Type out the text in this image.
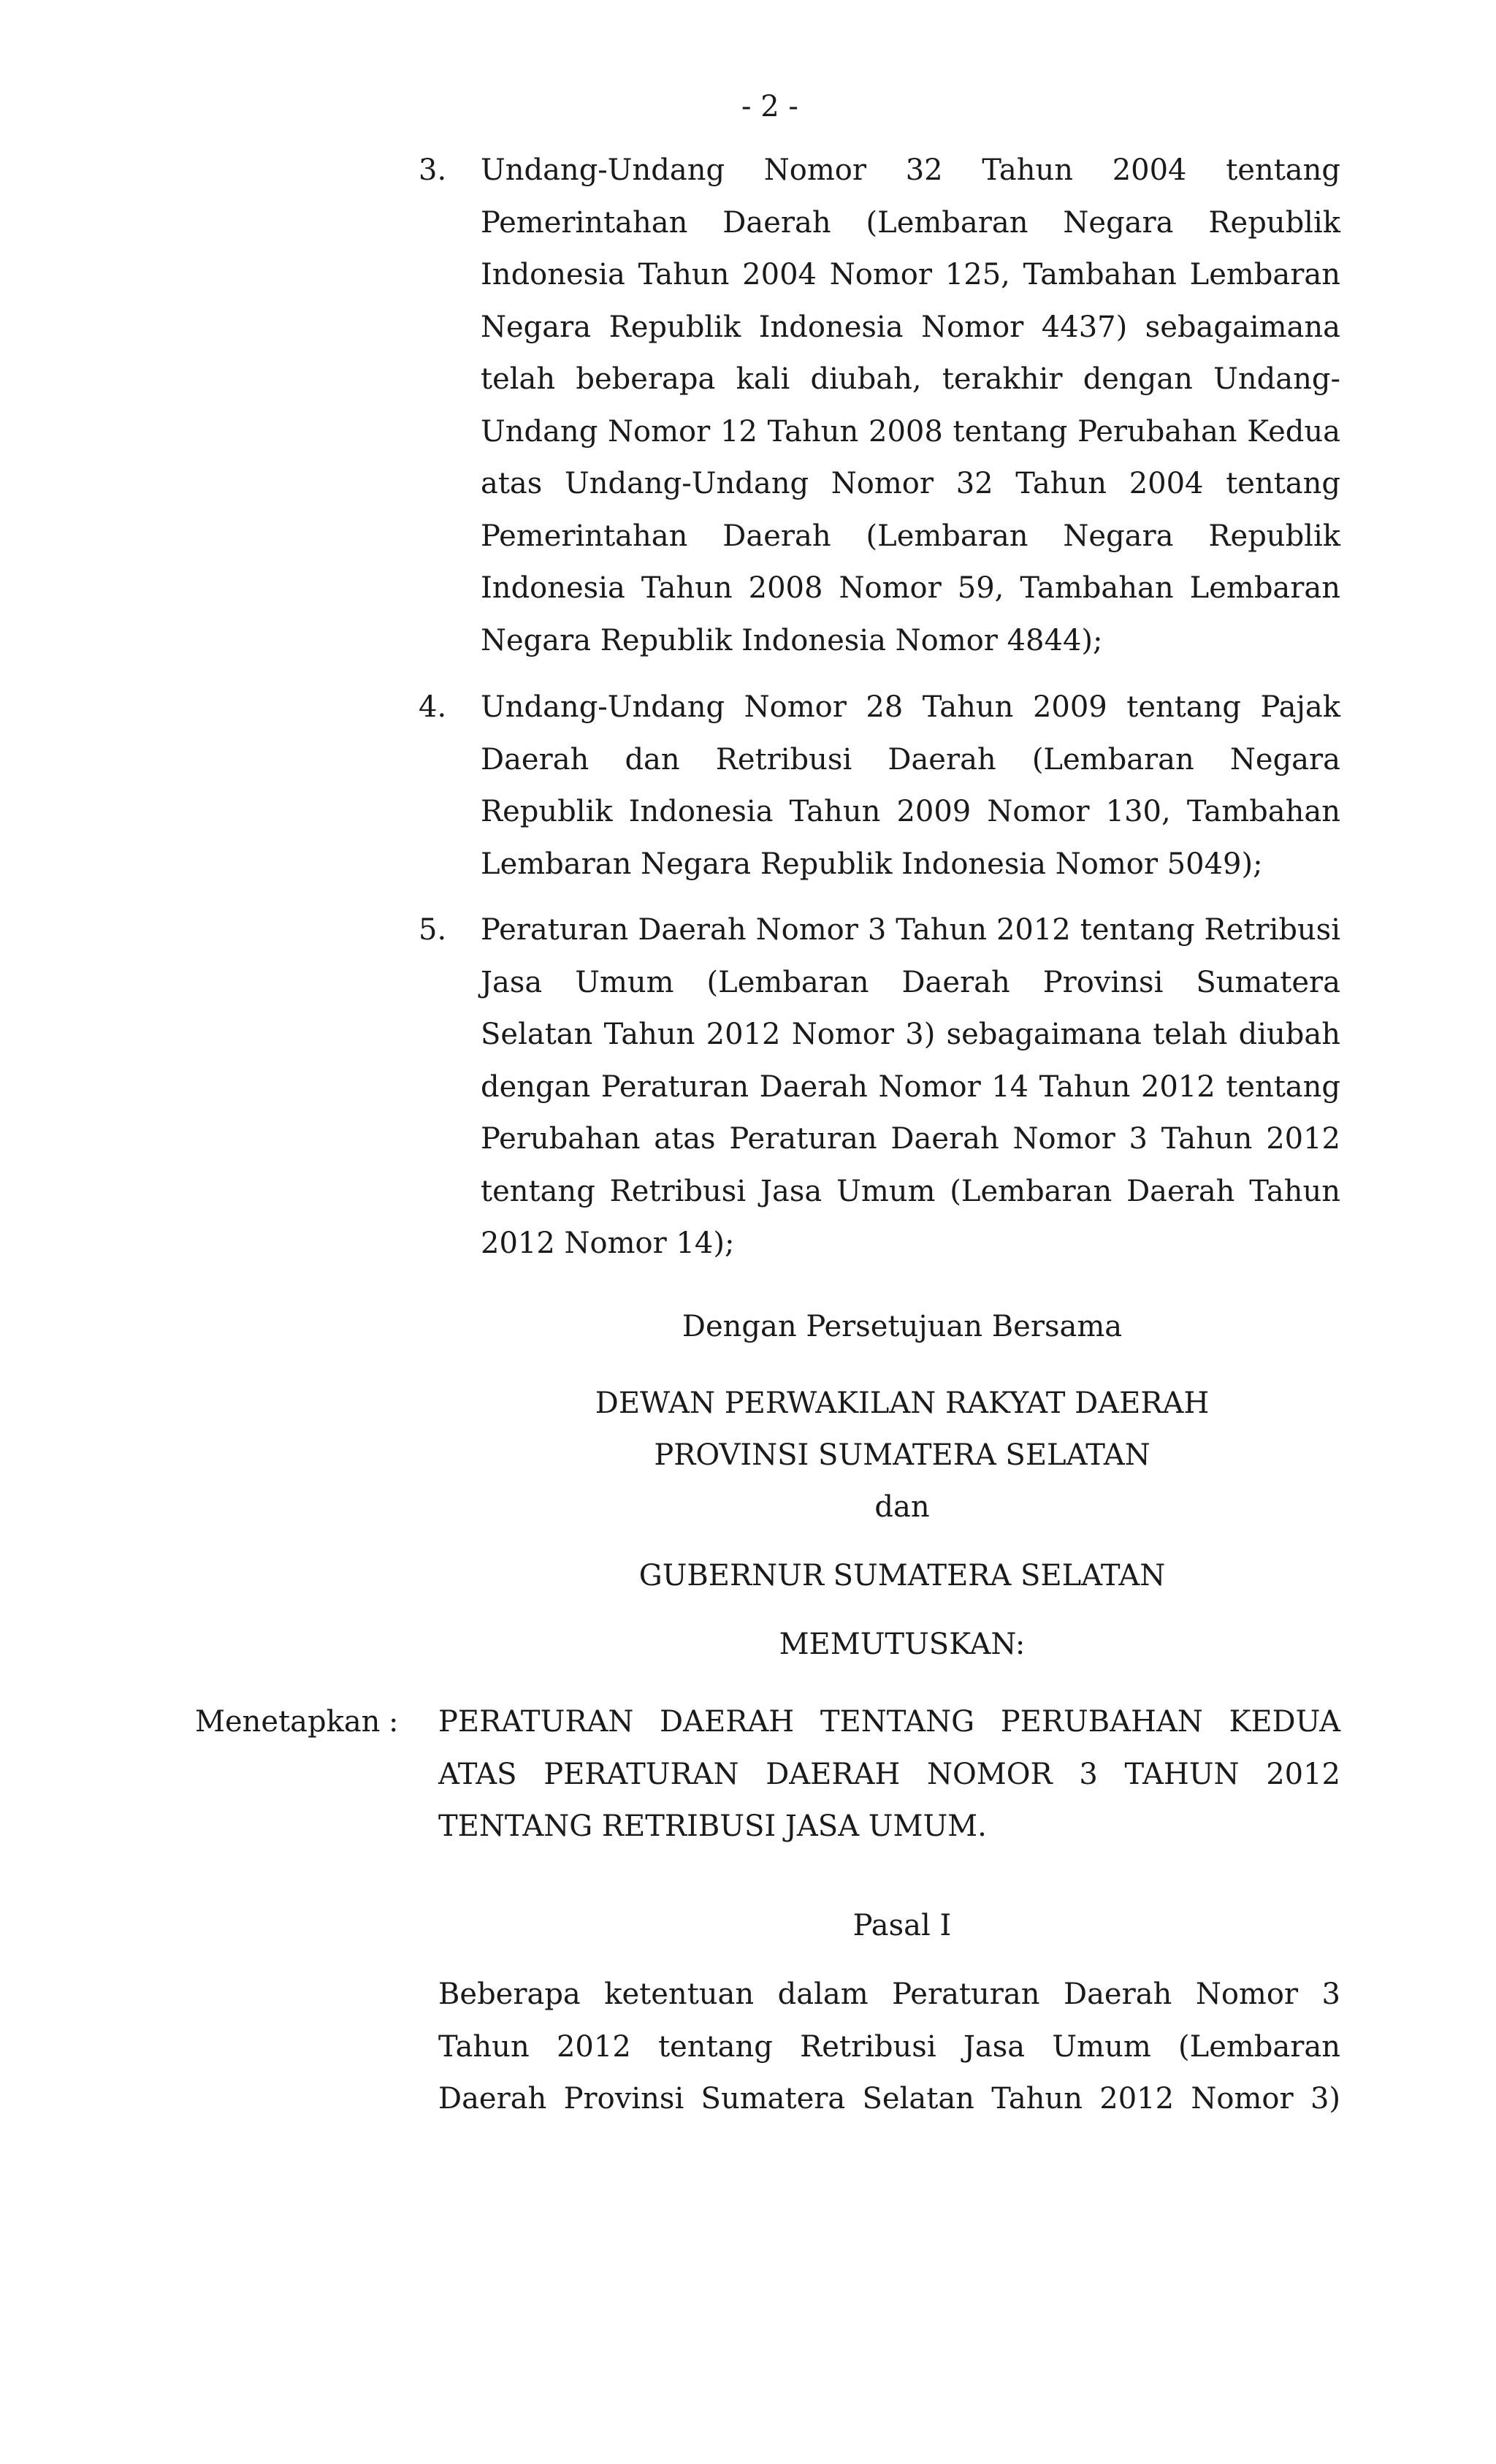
- 2 -
3.	Undang-Undang Nomor 32 Tahun 2004 tentang Pemerintahan Daerah (Lembaran Negara Republik Indonesia Tahun 2004 Nomor 125, Tambahan Lembaran Negara Republik Indonesia Nomor 4437) sebagaimana telah beberapa kali diubah, terakhir dengan Undang-Undang Nomor 12 Tahun 2008 tentang Perubahan Kedua atas Undang-Undang Nomor 32 Tahun 2004 tentang Pemerintahan Daerah (Lembaran Negara Republik Indonesia Tahun 2008 Nomor 59, Tambahan Lembaran Negara Republik Indonesia Nomor 4844);
4.	Undang-Undang Nomor 28 Tahun 2009 tentang Pajak Daerah dan Retribusi Daerah (Lembaran Negara Republik Indonesia Tahun 2009 Nomor 130, Tambahan Lembaran Negara Republik Indonesia Nomor 5049);
5.	Peraturan Daerah Nomor 3 Tahun 2012 tentang Retribusi Jasa Umum (Lembaran Daerah Provinsi Sumatera Selatan Tahun 2012 Nomor 3) sebagaimana telah diubah dengan Peraturan Daerah Nomor 14 Tahun 2012 tentang Perubahan atas Peraturan Daerah Nomor 3 Tahun 2012 tentang Retribusi Jasa Umum (Lembaran Daerah Tahun 2012 Nomor 14);
Dengan Persetujuan Bersama
DEWAN PERWAKILAN RAKYAT DAERAH
PROVINSI SUMATERA SELATAN
dan
GUBERNUR SUMATERA SELATAN
MEMUTUSKAN:
Menetapkan : PERATURAN DAERAH TENTANG PERUBAHAN KEDUA ATAS PERATURAN DAERAH NOMOR 3 TAHUN 2012 TENTANG RETRIBUSI JASA UMUM.
Pasal I
Beberapa ketentuan dalam Peraturan Daerah Nomor 3 Tahun 2012 tentang Retribusi Jasa Umum (Lembaran Daerah Provinsi Sumatera Selatan Tahun 2012 Nomor 3)
